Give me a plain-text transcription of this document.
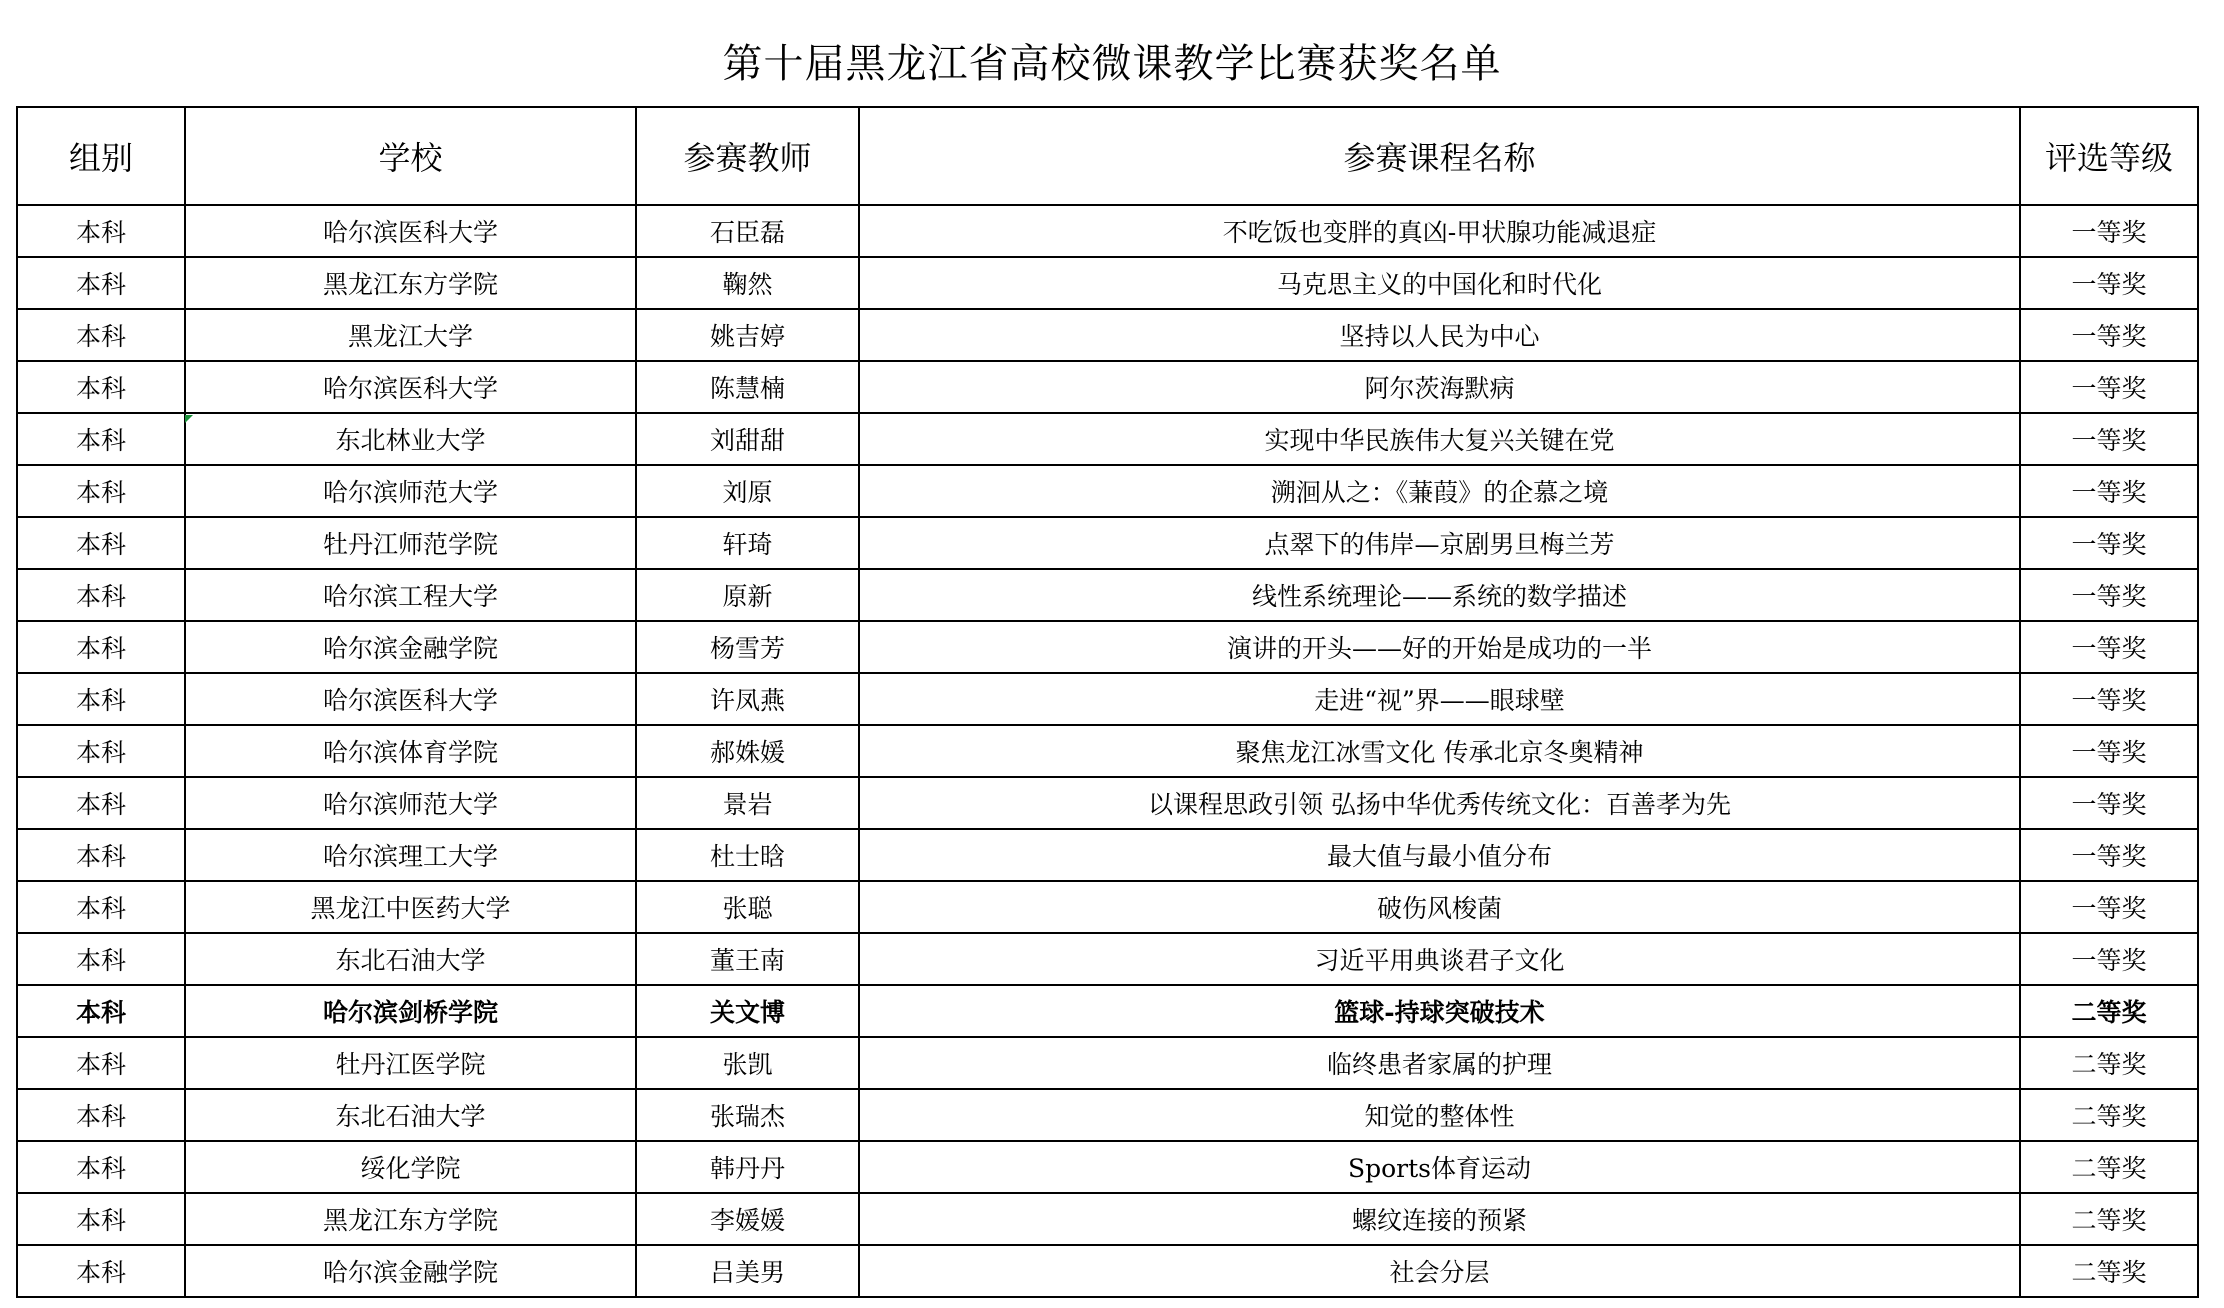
第十届黑龙江省高校微课教学比赛获奖名单
组别	学校	参赛教师	参赛课程名称	评选等级
本科	哈尔滨医科大学	石臣磊	不吃饭也变胖的真凶-甲状腺功能减退症	一等奖
本科	黑龙江东方学院	鞠然	马克思主义的中国化和时代化	一等奖
本科	黑龙江大学	姚吉婷	坚持以人民为中心	一等奖
本科	哈尔滨医科大学	陈慧楠	阿尔茨海默病	一等奖
本科	东北林业大学	刘甜甜	实现中华民族伟大复兴关键在党	一等奖
本科	哈尔滨师范大学	刘原	溯洄从之：《蒹葭》的企慕之境	一等奖
本科	牡丹江师范学院	轩琦	点翠下的伟岸—京剧男旦梅兰芳	一等奖
本科	哈尔滨工程大学	原新	线性系统理论——系统的数学描述	一等奖
本科	哈尔滨金融学院	杨雪芳	演讲的开头——好的开始是成功的一半	一等奖
本科	哈尔滨医科大学	许凤燕	走进“视”界——眼球壁	一等奖
本科	哈尔滨体育学院	郝姝媛	聚焦龙江冰雪文化 传承北京冬奥精神	一等奖
本科	哈尔滨师范大学	景岩	以课程思政引领 弘扬中华优秀传统文化：百善孝为先	一等奖
本科	哈尔滨理工大学	杜士晗	最大值与最小值分布	一等奖
本科	黑龙江中医药大学	张聪	破伤风梭菌	一等奖
本科	东北石油大学	董王南	习近平用典谈君子文化	一等奖
本科	哈尔滨剑桥学院	关文博	篮球-持球突破技术	二等奖
本科	牡丹江医学院	张凯	临终患者家属的护理	二等奖
本科	东北石油大学	张瑞杰	知觉的整体性	二等奖
本科	绥化学院	韩丹丹	Sports体育运动	二等奖
本科	黑龙江东方学院	李媛媛	螺纹连接的预紧	二等奖
本科	哈尔滨金融学院	吕美男	社会分层	二等奖
